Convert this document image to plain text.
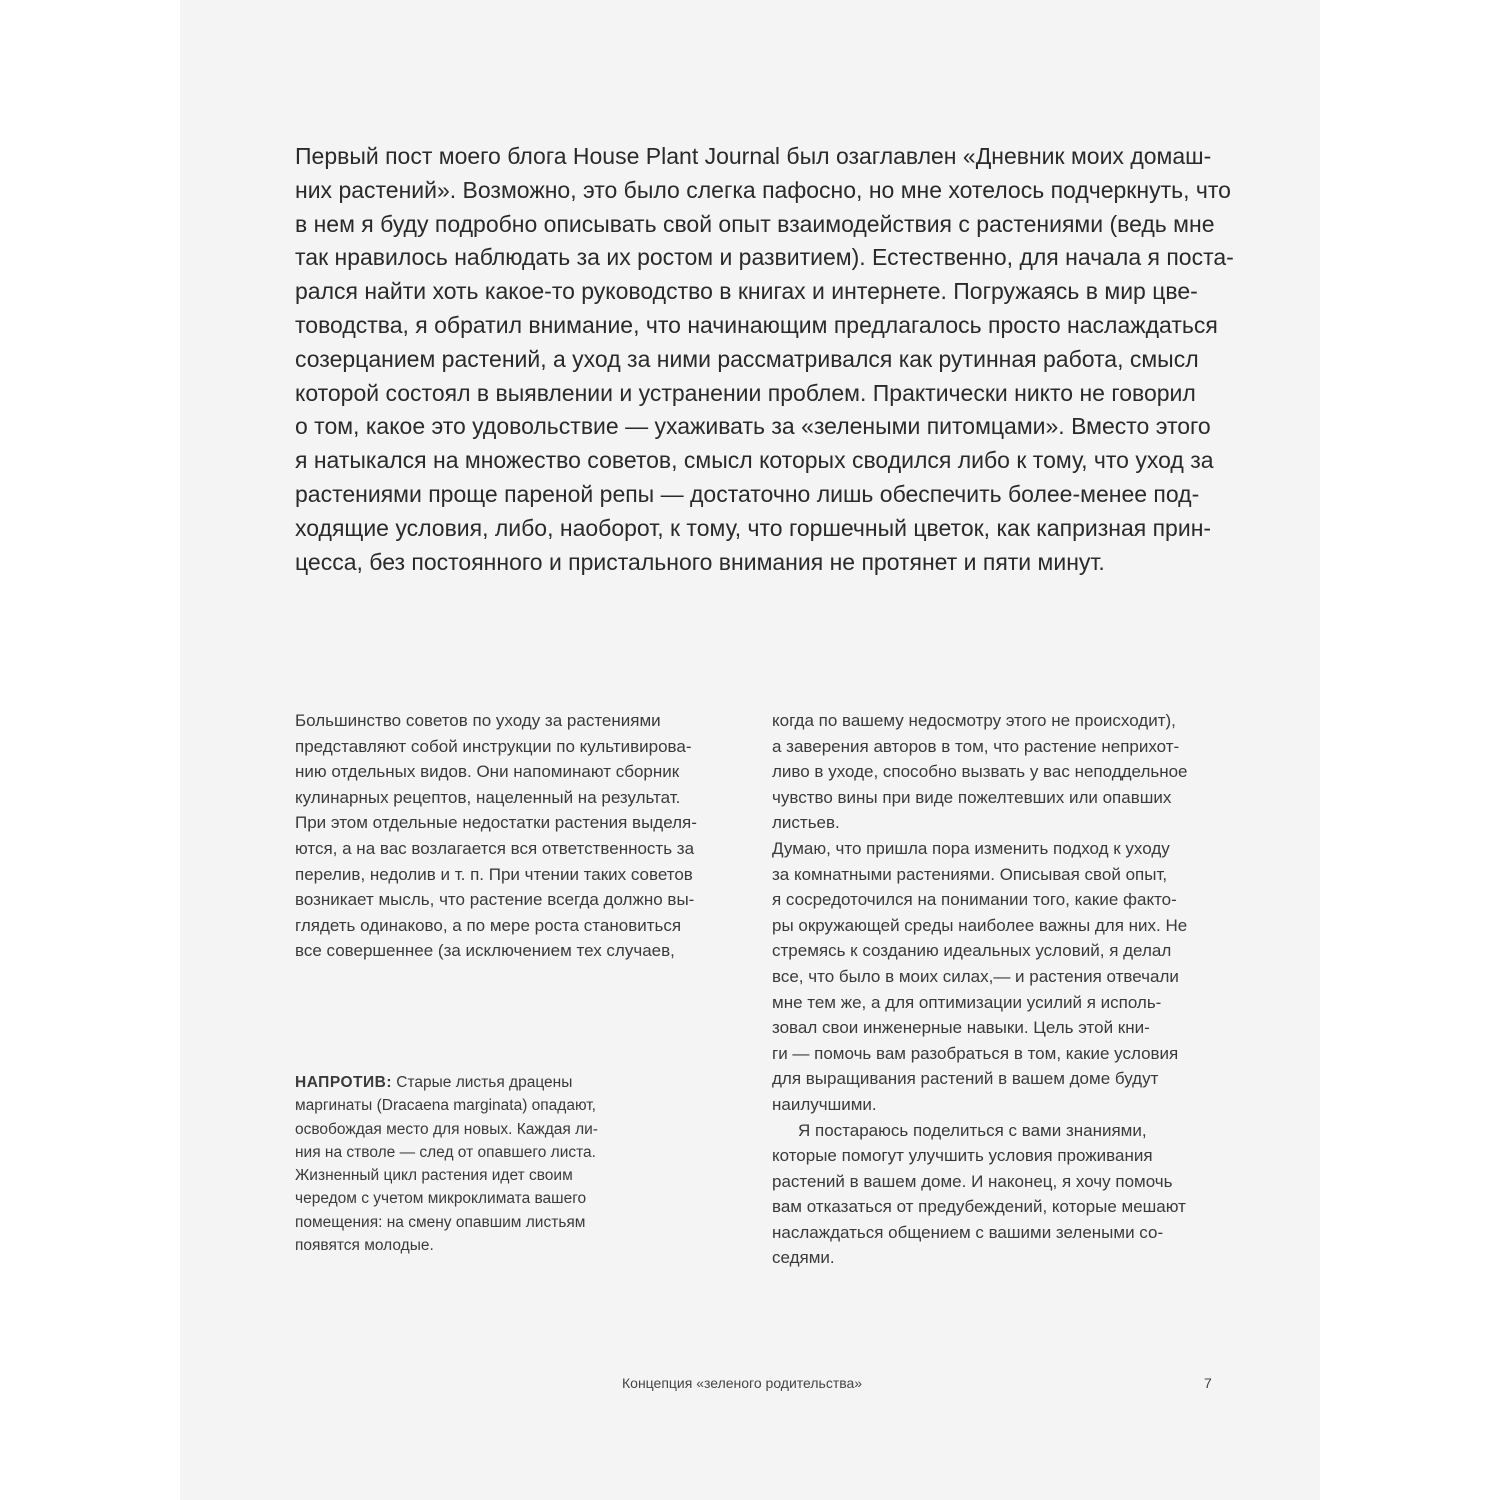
Первый пост моего блога House Plant Journal был озаглавлен «Дневник моих домаш-
них растений». Возможно, это было слегка пафосно, но мне хотелось подчеркнуть, что
в нем я буду подробно описывать свой опыт взаимодействия с растениями (ведь мне
так нравилось наблюдать за их ростом и развитием). Естественно, для начала я поста-
рался найти хоть какое-то руководство в книгах и интернете. Погружаясь в мир цве-
товодства, я обратил внимание, что начинающим предлагалось просто наслаждаться
созерцанием растений, а уход за ними рассматривался как рутинная работа, смысл
которой состоял в выявлении и устранении проблем. Практически никто не говорил
о том, какое это удовольствие — ухаживать за «зелеными питомцами». Вместо этого
я натыкался на множество советов, смысл которых сводился либо к тому, что уход за
растениями проще пареной репы — достаточно лишь обеспечить более-менее под-
ходящие условия, либо, наоборот, к тому, что горшечный цветок, как капризная прин-
цесса, без постоянного и пристального внимания не протянет и пяти минут.
Большинство советов по уходу за растениями
представляют собой инструкции по культивирова-
нию отдельных видов. Они напоминают сборник
кулинарных рецептов, нацеленный на результат.
При этом отдельные недостатки растения выделя-
ются, а на вас возлагается вся ответственность за
перелив, недолив и т. п. При чтении таких советов
возникает мысль, что растение всегда должно вы-
глядеть одинаково, а по мере роста становиться
все совершеннее (за исключением тех случаев,
когда по вашему недосмотру этого не происходит),
а заверения авторов в том, что растение неприхот-
ливо в уходе, способно вызвать у вас неподдельное
чувство вины при виде пожелтевших или опавших
листьев.
Думаю, что пришла пора изменить подход к уходу
за комнатными растениями. Описывая свой опыт,
я сосредоточился на понимании того, какие факто-
ры окружающей среды наиболее важны для них. Не
стремясь к созданию идеальных условий, я делал
все, что было в моих силах,— и растения отвечали
мне тем же, а для оптимизации усилий я исполь-
зовал свои инженерные навыки. Цель этой кни-
ги — помочь вам разобраться в том, какие условия
для выращивания растений в вашем доме будут
наилучшими.
Я постараюсь поделиться с вами знаниями,
которые помогут улучшить условия проживания
растений в вашем доме. И наконец, я хочу помочь
вам отказаться от предубеждений, которые мешают
наслаждаться общением с вашими зелеными со-
седями.
НАПРОТИВ: Старые листья драцены
маргинаты (Dracaena marginata) опадают,
освобождая место для новых. Каждая ли-
ния на стволе — след от опавшего листа.
Жизненный цикл растения идет своим
чередом с учетом микроклимата вашего
помещения: на смену опавшим листьям
появятся молодые.
Концепция «зеленого родительства»	7
